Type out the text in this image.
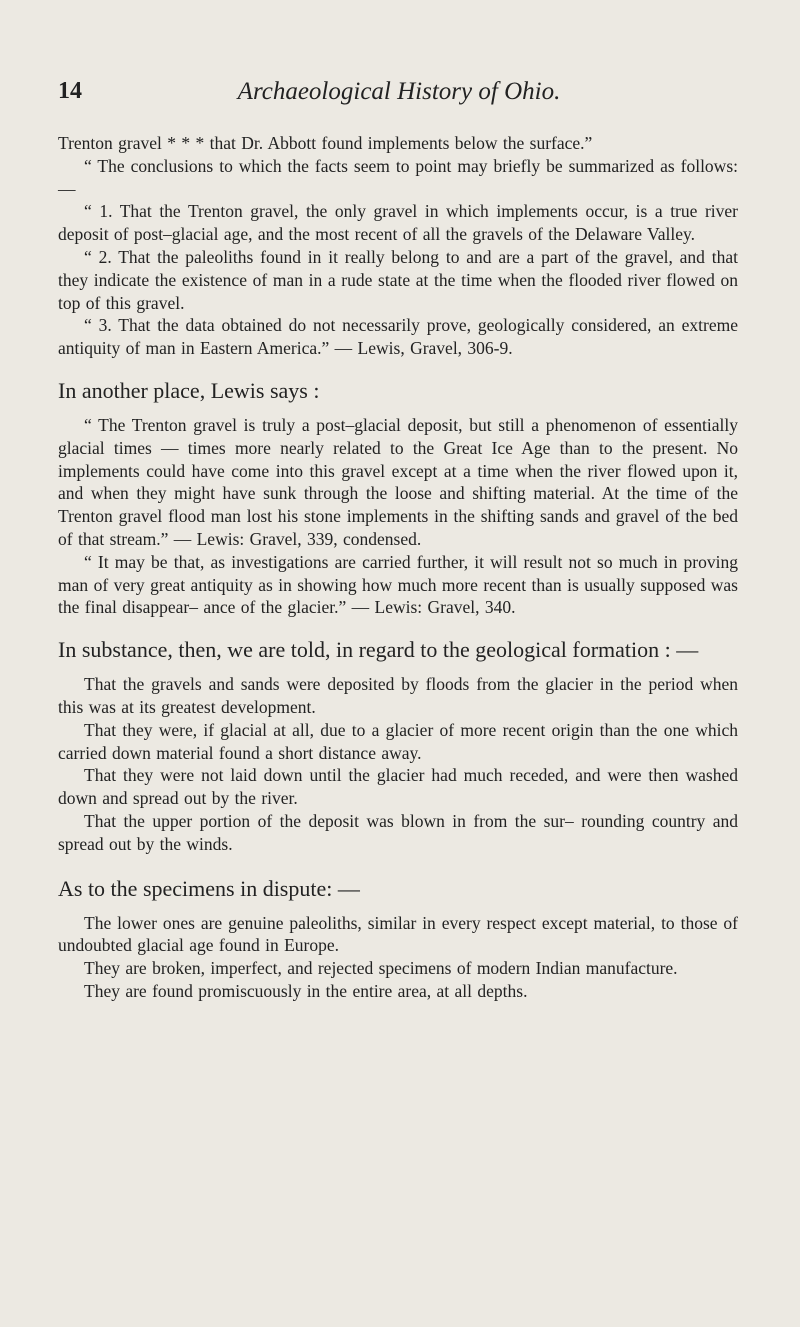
14	Archaeological History of Ohio.

Trenton gravel * * * that Dr. Abbott found implements below the surface.”

“ The conclusions to which the facts seem to point may briefly be summarized as follows:—

“ 1. That the Trenton gravel, the only gravel in which implements occur, is a true river deposit of post–glacial age, and the most recent of all the gravels of the Delaware Valley.

“ 2. That the paleoliths found in it really belong to and are a part of the gravel, and that they indicate the existence of man in a rude state at the time when the flooded river flowed on top of this gravel.

“ 3. That the data obtained do not necessarily prove, geologically considered, an extreme antiquity of man in Eastern America.” — Lewis, Gravel, 306-9.

In another place, Lewis says :

“ The Trenton gravel is truly a post–glacial deposit, but still a phenomenon of essentially glacial times — times more nearly related to the Great Ice Age than to the present. No implements could have come into this gravel except at a time when the river flowed upon it, and when they might have sunk through the loose and shifting material. At the time of the Trenton gravel flood man lost his stone implements in the shifting sands and gravel of the bed of that stream.” — Lewis: Gravel, 339, condensed.

“ It may be that, as investigations are carried further, it will result not so much in proving man of very great antiquity as in showing how much more recent than is usually supposed was the final disappear– ance of the glacier.” — Lewis: Gravel, 340.

In substance, then, we are told, in regard to the geological formation : —

That the gravels and sands were deposited by floods from the glacier in the period when this was at its greatest development.

That they were, if glacial at all, due to a glacier of more recent origin than the one which carried down material found a short distance away.

That they were not laid down until the glacier had much receded, and were then washed down and spread out by the river.

That the upper portion of the deposit was blown in from the sur– rounding country and spread out by the winds.

As to the specimens in dispute: —

The lower ones are genuine paleoliths, similar in every respect except material, to those of undoubted glacial age found in Europe.

They are broken, imperfect, and rejected specimens of modern Indian manufacture.

They are found promiscuously in the entire area, at all depths.
